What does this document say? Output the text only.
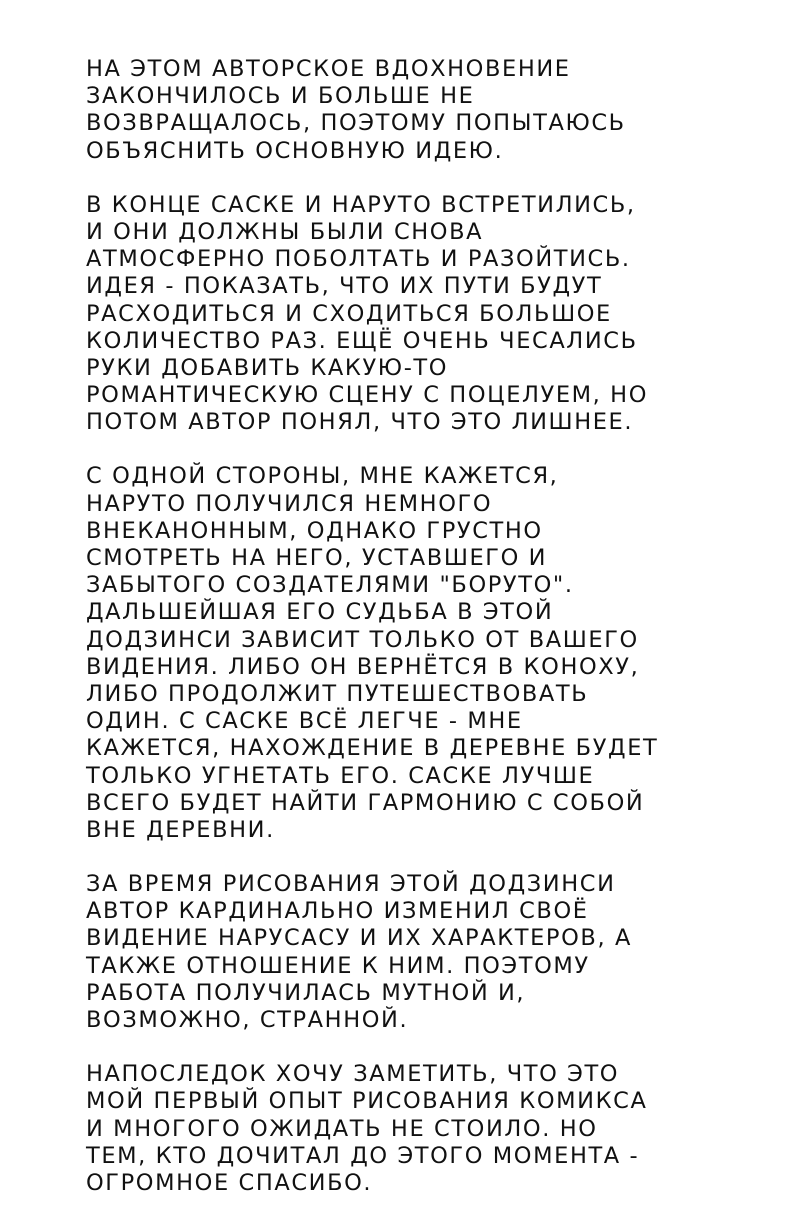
НА ЭТОМ АВТОРСКОЕ ВДОХНОВЕНИЕ
ЗАКОНЧИЛОСЬ И БОЛЬШЕ НЕ
ВОЗВРАЩАЛОСЬ, ПОЭТОМУ ПОПЫТАЮСЬ
ОБЪЯСНИТЬ ОСНОВНУЮ ИДЕЮ.
В КОНЦЕ САСКЕ И НАРУТО ВСТРЕТИЛИСЬ,
И ОНИ ДОЛЖНЫ БЫЛИ СНОВА
АТМОСФЕРНО ПОБОЛТАТЬ И РАЗОЙТИСЬ.
ИДЕЯ - ПОКАЗАТЬ, ЧТО ИХ ПУТИ БУДУТ
РАСХОДИТЬСЯ И СХОДИТЬСЯ БОЛЬШОЕ
КОЛИЧЕСТВО РАЗ. ЕЩЁ ОЧЕНЬ ЧЕСАЛИСЬ
РУКИ ДОБАВИТЬ КАКУЮ-ТО
РОМАНТИЧЕСКУЮ СЦЕНУ С ПОЦЕЛУЕМ, НО
ПОТОМ АВТОР ПОНЯЛ, ЧТО ЭТО ЛИШНЕЕ.
С ОДНОЙ СТОРОНЫ, МНЕ КАЖЕТСЯ,
НАРУТО ПОЛУЧИЛСЯ НЕМНОГО
ВНЕКАНОННЫМ, ОДНАКО ГРУСТНО
СМОТРЕТЬ НА НЕГО, УСТАВШЕГО И
ЗАБЫТОГО СОЗДАТЕЛЯМИ "БОРУТО".
ДАЛЬШЕЙШАЯ ЕГО СУДЬБА В ЭТОЙ
ДОДЗИНСИ ЗАВИСИТ ТОЛЬКО ОТ ВАШЕГО
ВИДЕНИЯ. ЛИБО ОН ВЕРНЁТСЯ В КОНОХУ,
ЛИБО ПРОДОЛЖИТ ПУТЕШЕСТВОВАТЬ
ОДИН. С САСКЕ ВСЁ ЛЕГЧЕ - МНЕ
КАЖЕТСЯ, НАХОЖДЕНИЕ В ДЕРЕВНЕ БУДЕТ
ТОЛЬКО УГНЕТАТЬ ЕГО. САСКЕ ЛУЧШЕ
ВСЕГО БУДЕТ НАЙТИ ГАРМОНИЮ С СОБОЙ
ВНЕ ДЕРЕВНИ.
ЗА ВРЕМЯ РИСОВАНИЯ ЭТОЙ ДОДЗИНСИ
АВТОР КАРДИНАЛЬНО ИЗМЕНИЛ СВОЁ
ВИДЕНИЕ НАРУСАСУ И ИХ ХАРАКТЕРОВ, А
ТАКЖЕ ОТНОШЕНИЕ К НИМ. ПОЭТОМУ
РАБОТА ПОЛУЧИЛАСЬ МУТНОЙ И,
ВОЗМОЖНО, СТРАННОЙ.
НАПОСЛЕДОК ХОЧУ ЗАМЕТИТЬ, ЧТО ЭТО
МОЙ ПЕРВЫЙ ОПЫТ РИСОВАНИЯ КОМИКСА
И МНОГОГО ОЖИДАТЬ НЕ СТОИЛО. НО
ТЕМ, КТО ДОЧИТАЛ ДО ЭТОГО МОМЕНТА -
ОГРОМНОЕ СПАСИБО.
